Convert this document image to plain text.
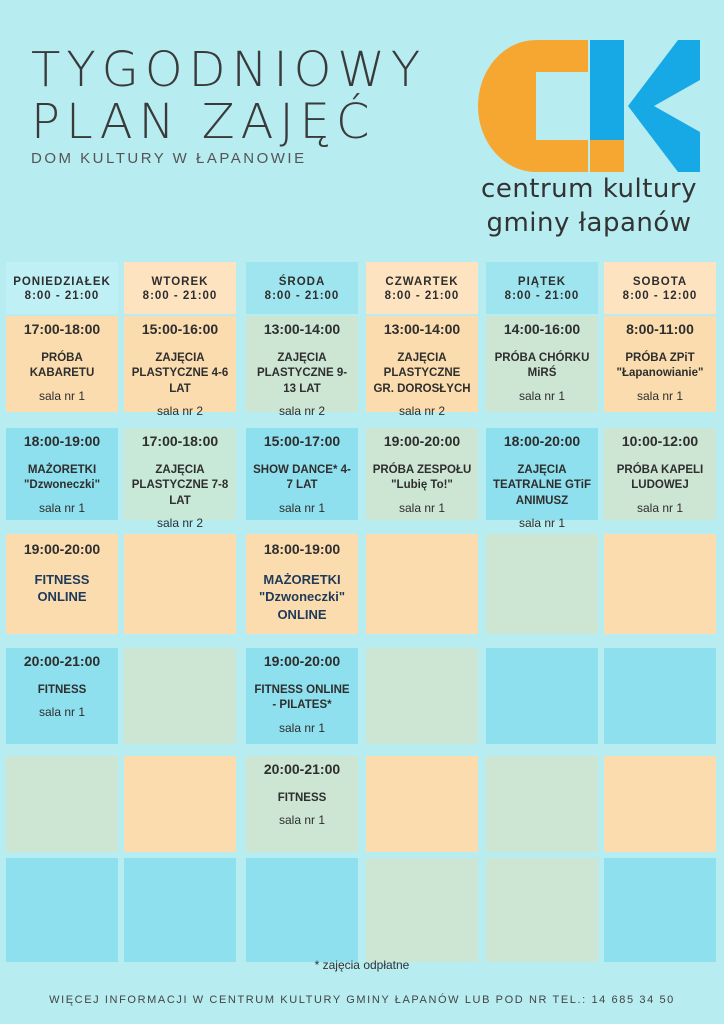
TYGODNIOWY
PLAN ZAJĘĆ
DOM KULTURY W ŁAPANOWIE
centrum kultury
gminy łapanów
PONIEDZIAŁEK
8:00 - 21:00
WTOREK
8:00 - 21:00
ŚRODA
8:00 - 21:00
CZWARTEK
8:00 - 21:00
PIĄTEK
8:00 - 21:00
SOBOTA
8:00 - 12:00
17:00-18:00
PRÓBA KABARETU
sala nr 1
18:00-19:00
MAŻORETKI "Dzwoneczki"
sala nr 1
19:00-20:00
FITNESS ONLINE
20:00-21:00
FITNESS
sala nr 1
15:00-16:00
ZAJĘCIA PLASTYCZNE 4-6 LAT
sala nr 2
17:00-18:00
ZAJĘCIA PLASTYCZNE 7-8 LAT
sala nr 2
13:00-14:00
ZAJĘCIA PLASTYCZNE 9-13 LAT
sala nr 2
15:00-17:00
SHOW DANCE* 4-7 LAT
sala nr 1
18:00-19:00
MAŻORETKI "Dzwoneczki" ONLINE
19:00-20:00
FITNESS ONLINE - PILATES*
sala nr 1
20:00-21:00
FITNESS
sala nr 1
13:00-14:00
ZAJĘCIA PLASTYCZNE GR. DOROSŁYCH
sala nr 2
19:00-20:00
PRÓBA ZESPOŁU "Lubię To!"
sala nr 1
14:00-16:00
PRÓBA CHÓRKU MiRŚ
sala nr 1
18:00-20:00
ZAJĘCIA TEATRALNE GTiF ANIMUSZ
sala nr 1
8:00-11:00
PRÓBA ZPiT "Łapanowianie"
sala nr 1
10:00-12:00
PRÓBA KAPELI LUDOWEJ
sala nr 1
* zajęcia odpłatne
WIĘCEJ INFORMACJI W CENTRUM KULTURY GMINY ŁAPANÓW LUB POD NR TEL.: 14 685 34 50
